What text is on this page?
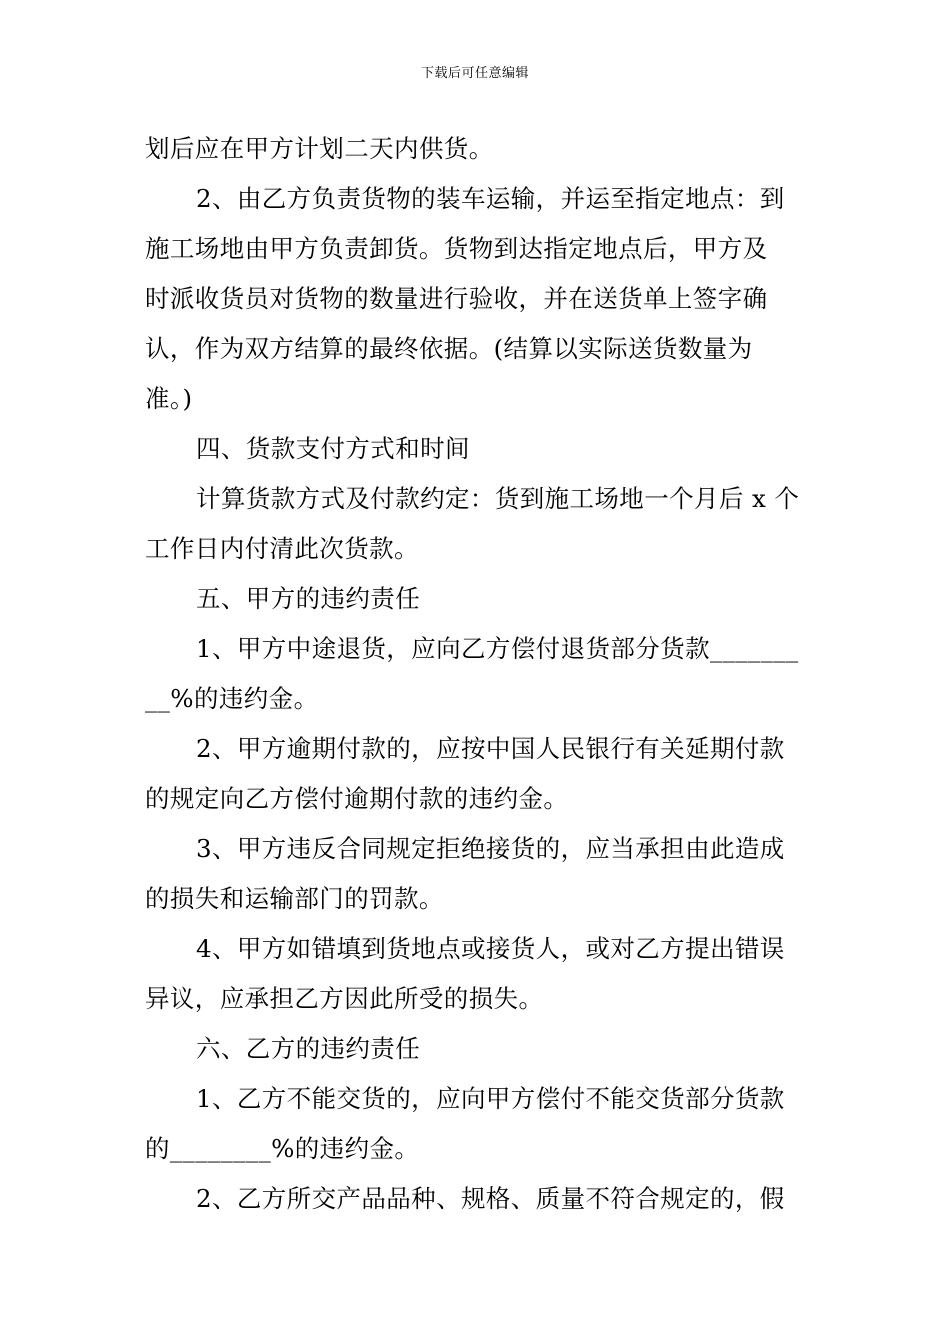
下载后可任意编辑
划后应在甲方计划二天内供货。
2、由乙方负责货物的装车运输，并运至指定地点：到
施工场地由甲方负责卸货。货物到达指定地点后，甲方及
时派收货员对货物的数量进行验收，并在送货单上签字确
认，作为双方结算的最终依据。(结算以实际送货数量为
准。)
四、货款支付方式和时间
计算货款方式及付款约定：货到施工场地一个月后 x 个
工作日内付清此次货款。
五、甲方的违约责任
1、甲方中途退货，应向乙方偿付退货部分货款_______
__%的违约金。
2、甲方逾期付款的，应按中国人民银行有关延期付款
的规定向乙方偿付逾期付款的违约金。
3、甲方违反合同规定拒绝接货的，应当承担由此造成
的损失和运输部门的罚款。
4、甲方如错填到货地点或接货人，或对乙方提出错误
异议，应承担乙方因此所受的损失。
六、乙方的违约责任
1、乙方不能交货的，应向甲方偿付不能交货部分货款
的________%的违约金。
2、乙方所交产品品种、规格、质量不符合规定的，假
